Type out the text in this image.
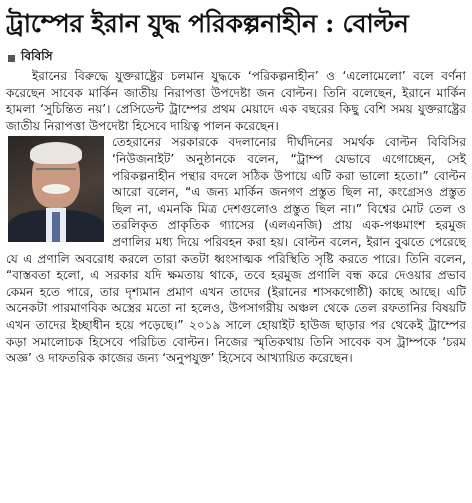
ট্রাম্পের ইরান যুদ্ধ পরিকল্পনাহীন : বোল্টন
বিবিসি

ইরানের বিরুদ্ধে যুক্তরাষ্ট্রের চলমান যুদ্ধকে ‘পরিকল্পনাহীন’ ও ‘এলোমেলো’ বলে বর্ণনা করেছেন সাবেক মার্কিন জাতীয় নিরাপত্তা উপদেষ্টা জন বোল্টন। তিনি বলেছেন, ইরানে মার্কিন হামলা ‘সুচিন্তিত নয়’। প্রেসিডেন্ট ট্রাম্পের প্রথম মেয়াদে এক বছরের কিছু বেশি সময় যুক্তরাষ্ট্রের জাতীয় নিরাপত্তা উপদেষ্টা হিসেবে দায়িত্ব পালন করেছেন।

তেহরানের সরকারকে বদলানোর দীর্ঘদিনের সমর্থক বোল্টন বিবিসির ‘নিউজনাইট’ অনুষ্ঠানকে বলেন, “ট্রাম্প যেভাবে এগোচ্ছেন, সেই পরিকল্পনাহীন পন্থার বদলে সঠিক উপায়ে এটি করা ভালো হতো।” বোল্টন আরো বলেন, “এ জন্য মার্কিন জনগণ প্রস্তুত ছিল না, কংগ্রেসও প্রস্তুত ছিল না, এমনকি মিত্র দেশগুলোও প্রস্তুত ছিল না।” বিশ্বের মোট তেল ও তরলিকৃত প্রাকৃতিক গ্যাসের (এলএনজি) প্রায় এক-পঞ্চমাংশ হরমুজ প্রণালির মধ্য দিয়ে পরিবহন করা হয়। বোল্টন বলেন, ইরান বুঝতে পেরেছে যে এ প্রণালি অবরোধ করলে তারা কতটা ধ্বংসাত্মক পরিস্থিতি সৃষ্টি করতে পারে। তিনি বলেন, “বাস্তবতা হলো, এ সরকার যদি ক্ষমতায় থাকে, তবে হরমুজ প্রণালি বন্ধ করে দেওয়ার প্রভাব কেমন হতে পারে, তার দৃশ্যমান প্রমাণ এখন তাদের (ইরানের শাসকগোষ্ঠী) কাছে আছে। এটি অনেকটা পারমাণবিক অস্ত্রের মতো না হলেও, উপসাগরীয় অঞ্চল থেকে তেল রফতানির বিষয়টি এখন তাদের ইচ্ছাধীন হয়ে পড়েছে।” ২০১৯ সালে হোয়াইট হাউজ ছাড়ার পর থেকেই ট্রাম্পের কড়া সমালোচক হিসেবে পরিচিত বোল্টন। নিজের স্মৃতিকথায় তিনি সাবেক বস ট্রাম্পকে ‘চরম অজ্ঞ’ ও দাফতরিক কাজের জন্য ‘অনুপযুক্ত’ হিসেবে আখ্যায়িত করেছেন।
